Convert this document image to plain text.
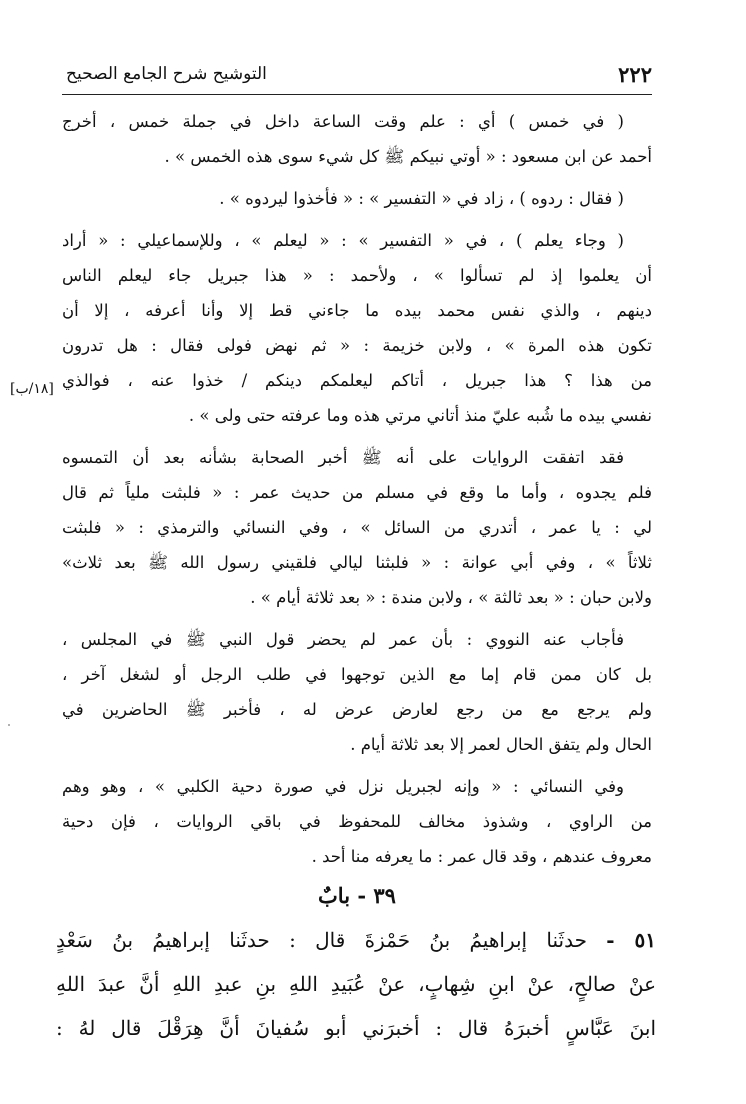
٢٢٢
التوشيح شرح الجامع الصحيح
[١٨/ب]
( في خمس ) أي : علم وقت الساعة داخل في جملة خمس ، أخرج
أحمد عن ابن مسعود : « أوتي نبيكم ﷺ كل شيء سوى هذه الخمس » .
( فقال : ردوه ) ، زاد في « التفسير » : « فأخذوا ليردوه » .
( وجاء يعلم ) ، في « التفسير » : « ليعلم » ، وللإسماعيلي : « أراد
أن يعلموا إذ لم تسألوا » ، ولأحمد : « هذا جبريل جاء ليعلم الناس
دينهم ، والذي نفس محمد بيده ما جاءني قط إلا وأنا أعرفه ، إلا أن
تكون هذه المرة » ، ولابن خزيمة : « ثم نهض فولى فقال : هل تدرون
من هذا ؟ هذا جبريل ، أتاكم ليعلمكم دينكم / خذوا عنه ، فوالذي
نفسي بيده ما شُبه عليّ منذ أتاني مرتي هذه وما عرفته حتى ولى » .
فقد اتفقت الروايات على أنه ﷺ أخبر الصحابة بشأنه بعد أن التمسوه
فلم يجدوه ، وأما ما وقع في مسلم من حديث عمر : « فلبثت ملياً ثم قال
لي : يا عمر ، أتدري من السائل » ، وفي النسائي والترمذي : « فلبثت
ثلاثاً » ، وفي أبي عوانة : « فلبثنا ليالي فلقيني رسول الله ﷺ بعد ثلاث»
ولابن حبان : « بعد ثالثة » ، ولابن مندة : « بعد ثلاثة أيام » .
فأجاب عنه النووي : بأن عمر لم يحضر قول النبي ﷺ في المجلس ،
بل كان ممن قام إما مع الذين توجهوا في طلب الرجل أو لشغل آخر ،
ولم يرجع مع من رجع لعارض عرض له ، فأخبر ﷺ الحاضرين في
الحال ولم يتفق الحال لعمر إلا بعد ثلاثة أيام .
وفي النسائي : « وإنه لجبريل نزل في صورة دحية الكلبي » ، وهو وهم
من الراوي ، وشذوذ مخالف للمحفوظ في باقي الروايات ، فإن دحية
معروف عندهم ، وقد قال عمر : ما يعرفه منا أحد .
٣٩ - بابٌ
٥١ - حدثَنا إبراهيمُ بنُ حَمْزةَ قال : حدثَنا إبراهيمُ بنُ سَعْدٍ
عنْ صالحٍ، عنْ ابنِ شِهابٍ، عنْ عُبَيدِ اللهِ بنِ عبدِ اللهِ أنَّ عبدَ اللهِ
ابنَ عَبَّاسٍ أخبرَهُ قال : أخبرَني أبو سُفيانَ أنَّ هِرَقْلَ قال لهُ :
